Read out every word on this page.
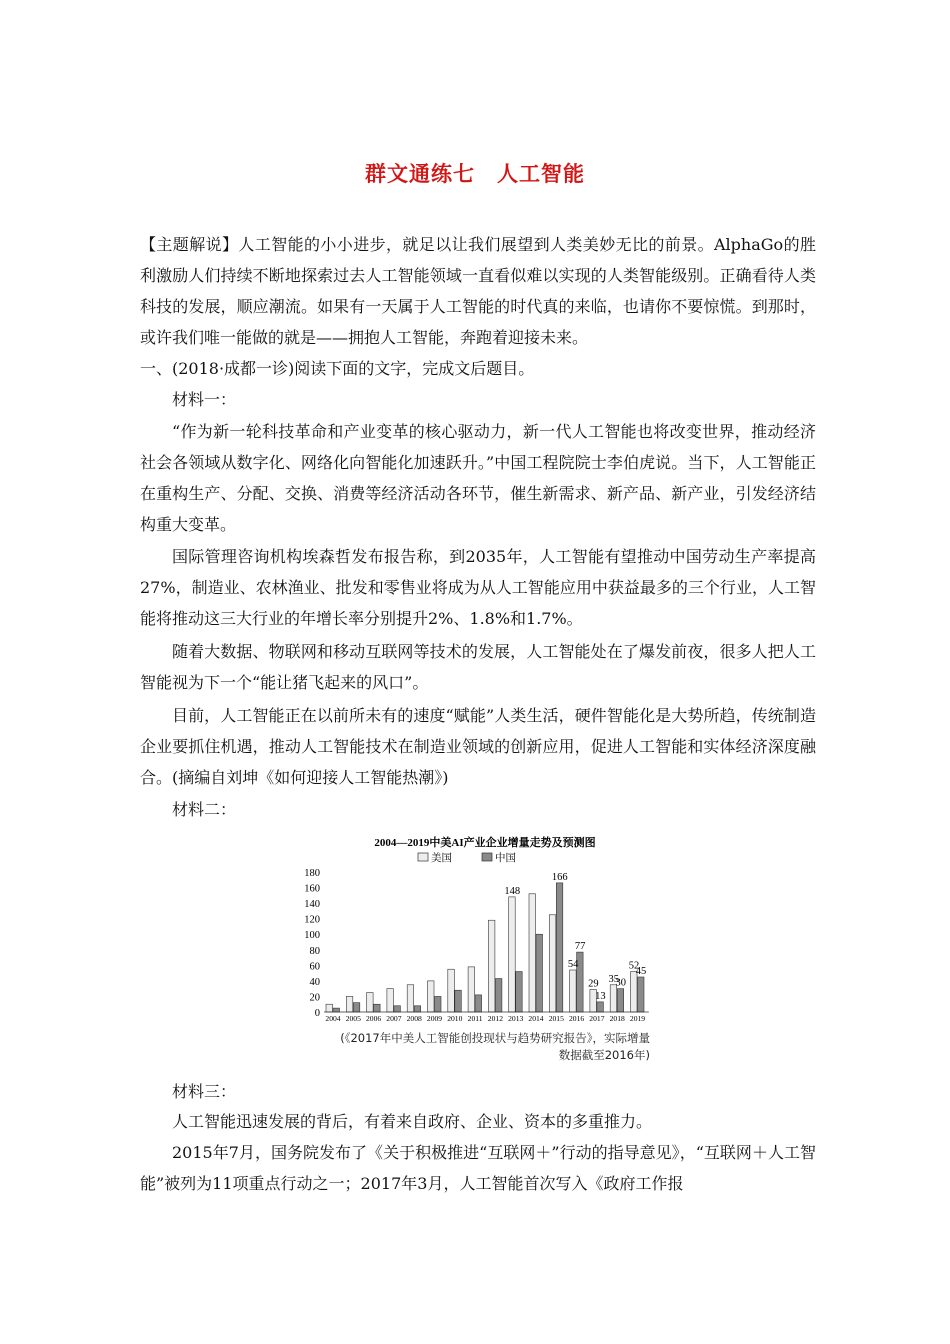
群文通练七　人工智能

【主题解说】人工智能的小小进步，就足以让我们展望到人类美妙无比的前景。AlphaGo的胜利激励人们持续不断地探索过去人工智能领域一直看似难以实现的人类智能级别。正确看待人类科技的发展，顺应潮流。如果有一天属于人工智能的时代真的来临，也请你不要惊慌。到那时，或许我们唯一能做的就是——拥抱人工智能，奔跑着迎接未来。

一、(2018·成都一诊)阅读下面的文字，完成文后题目。

材料一：

“作为新一轮科技革命和产业变革的核心驱动力，新一代人工智能也将改变世界，推动经济社会各领域从数字化、网络化向智能化加速跃升。”中国工程院院士李伯虎说。当下，人工智能正在重构生产、分配、交换、消费等经济活动各环节，催生新需求、新产品、新产业，引发经济结构重大变革。

国际管理咨询机构埃森哲发布报告称，到2035年，人工智能有望推动中国劳动生产率提高27%，制造业、农林渔业、批发和零售业将成为从人工智能应用中获益最多的三个行业，人工智能将推动这三大行业的年增长率分别提升2%、1.8%和1.7%。

随着大数据、物联网和移动互联网等技术的发展，人工智能处在了爆发前夜，很多人把人工智能视为下一个“能让猪飞起来的风口”。

目前，人工智能正在以前所未有的速度“赋能”人类生活，硬件智能化是大势所趋，传统制造企业要抓住机遇，推动人工智能技术在制造业领域的创新应用，促进人工智能和实体经济深度融合。(摘编自刘坤《如何迎接人工智能热潮》)

材料二：

2004—2019中美AI产业企业增量走势及预测图
美国	中国
0
20
40
60
80
100
120
140
160
180
148
166
54
77
29
13
35
30
52
45
2004 2005 2006 2007 2008 2009 2010 2011 2012 2013 2014 2015 2016 2017 2018 2019
(《2017年中美人工智能创投现状与趋势研究报告》，实际增量
数据截至2016年)

材料三：

人工智能迅速发展的背后，有着来自政府、企业、资本的多重推力。

2015年7月，国务院发布了《关于积极推进“互联网＋”行动的指导意见》，“互联网＋人工智能”被列为11项重点行动之一；2017年3月，人工智能首次写入《政府工作报
